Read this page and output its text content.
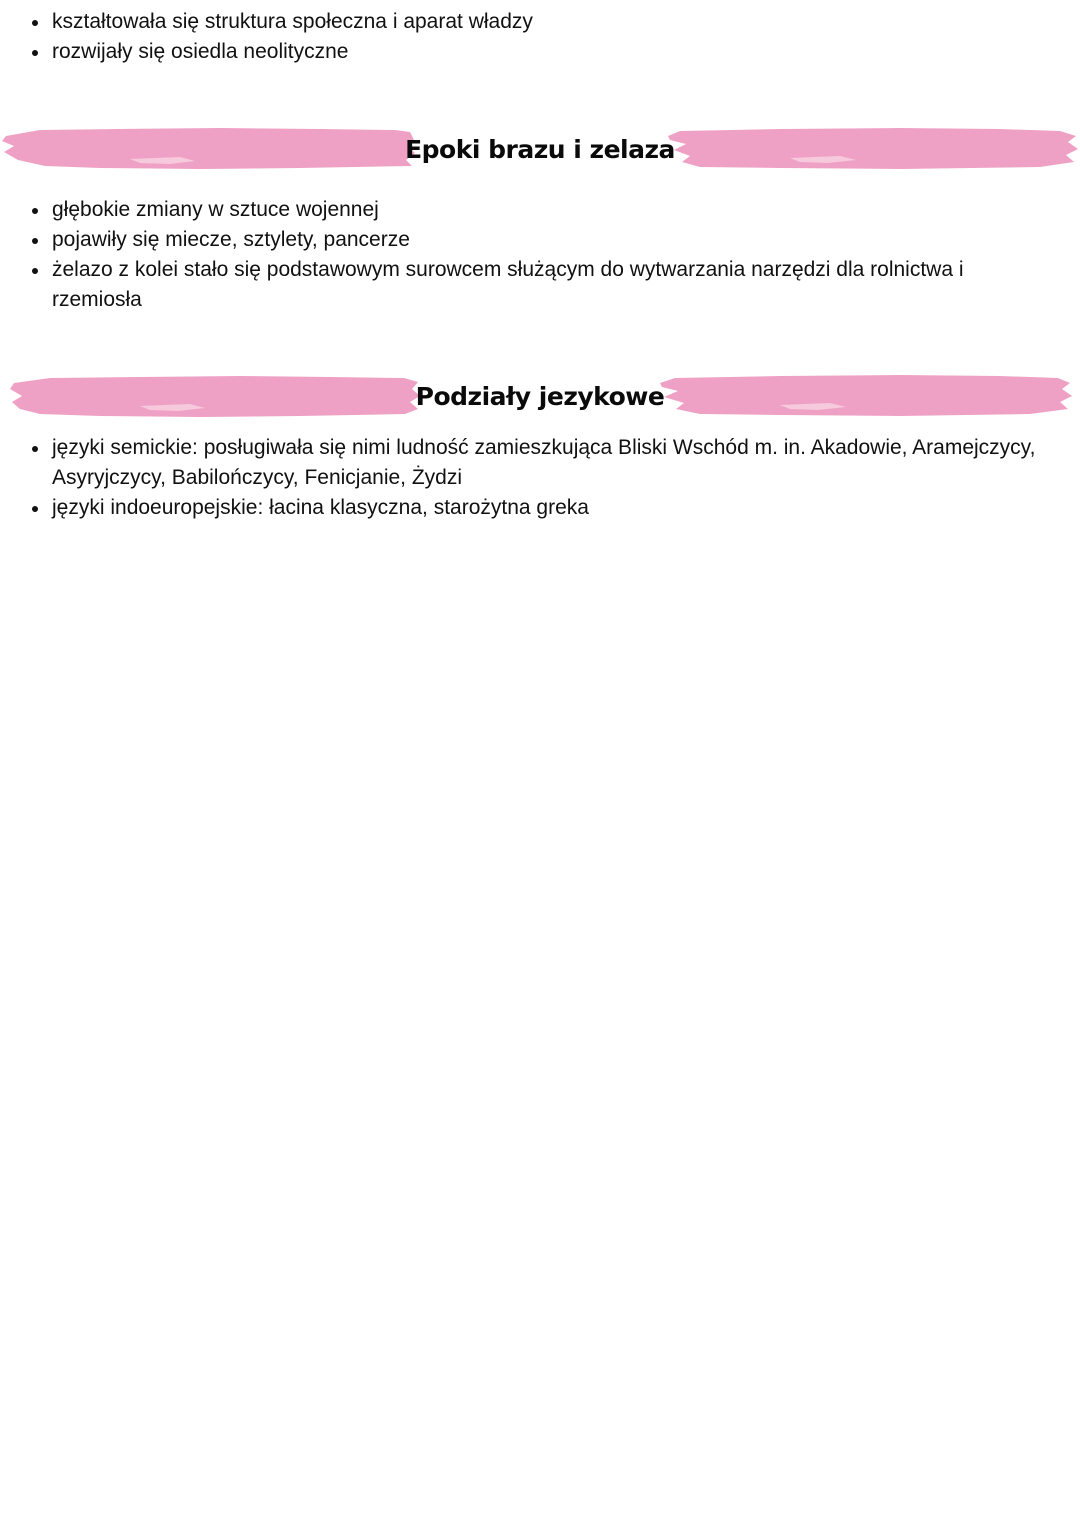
kształtowała się struktura społeczna i aparat władzy
rozwijały się osiedla neolityczne
Epoki brazu i zelaza
głębokie zmiany w sztuce wojennej
pojawiły się miecze, sztylety, pancerze
żelazo z kolei stało się podstawowym surowcem służącym do wytwarzania narzędzi dla rolnictwa i rzemiosła
Podziały jezykowe
języki semickie: posługiwała się nimi ludność zamieszkująca Bliski Wschód m. in. Akadowie, Aramejczycy, Asyryjczycy, Babilończycy, Fenicjanie, Żydzi
języki indoeuropejskie: łacina klasyczna, starożytna greka
